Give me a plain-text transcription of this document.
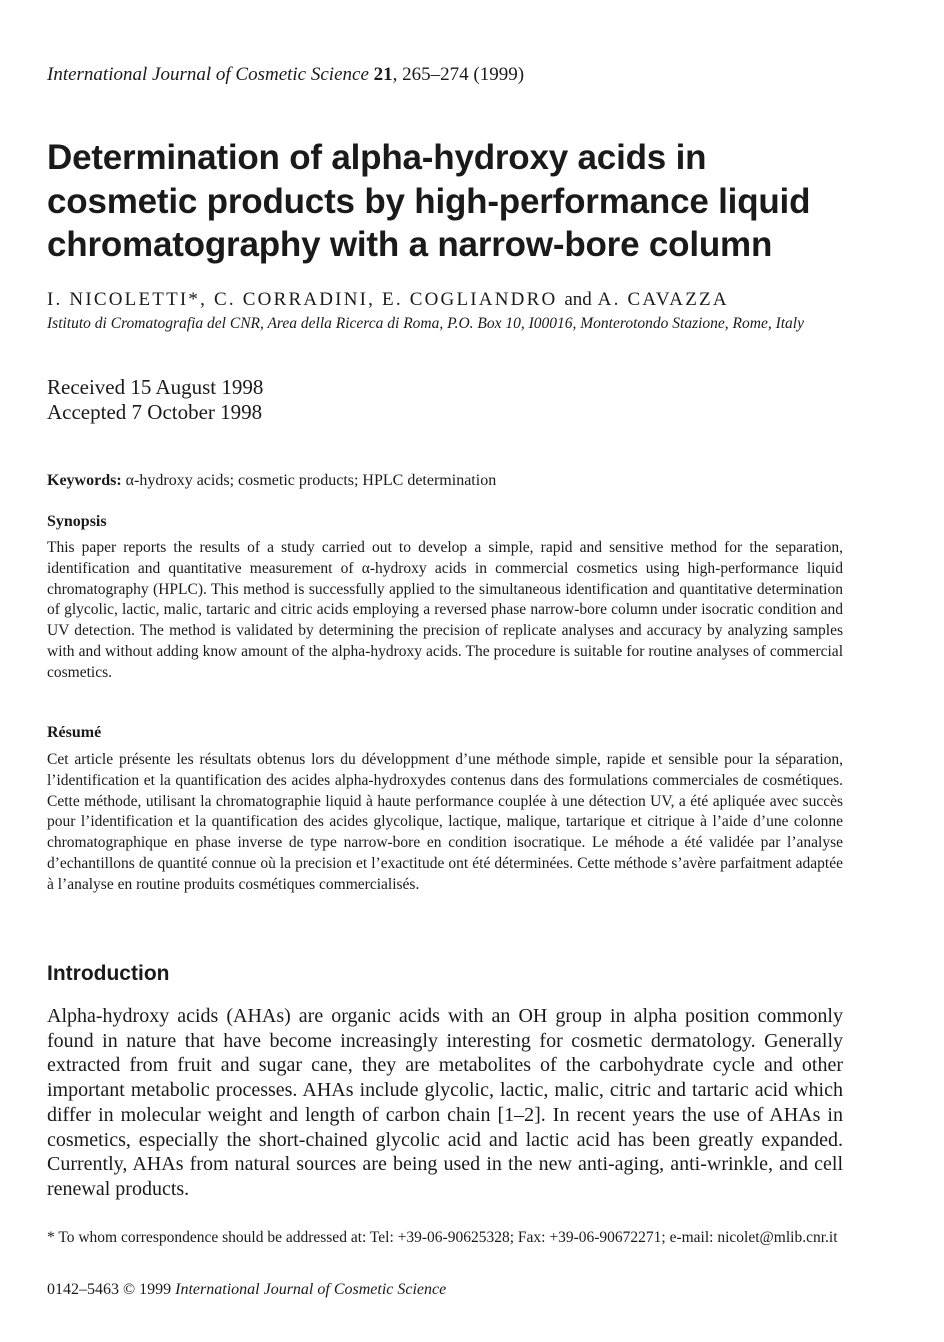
International Journal of Cosmetic Science 21, 265–274 (1999)
Determination of alpha-hydroxy acids in
cosmetic products by high-performance liquid
chromatography with a narrow-bore column
I. NICOLETTI*, C. CORRADINI, E. COGLIANDRO and A. CAVAZZA
Istituto di Cromatografia del CNR, Area della Ricerca di Roma, P.O. Box 10, I00016, Monterotondo Stazione, Rome, Italy
Received 15 August 1998
Accepted 7 October 1998
Keywords: α-hydroxy acids; cosmetic products; HPLC determination
Synopsis

This paper reports the results of a study carried out to develop a simple, rapid and sensitive method for the separation, identification and quantitative measurement of α-hydroxy acids in commercial cosmetics using high-performance liquid chromatography (HPLC). This method is successfully applied to the simultaneous identification and quantitative determination of glycolic, lactic, malic, tartaric and citric acids employing a reversed phase narrow-bore column under isocratic condition and UV detection. The method is validated by determining the precision of replicate analyses and accuracy by analyzing samples with and without adding know amount of the alpha-hydroxy acids. The procedure is suitable for routine analyses of commercial cosmetics.

Résumé

Cet article présente les résultats obtenus lors du développment d’une méthode simple, rapide et sensible pour la séparation, l’identification et la quantification des acides alpha-hydroxydes contenus dans des formulations commerciales de cosmétiques. Cette méthode, utilisant la chromatographie liquid à haute performance couplée à une détection UV, a été apliquée avec succès pour l’identification et la quantification des acides glycolique, lactique, malique, tartarique et citrique à l’aide d’une colonne chromatographique en phase inverse de type narrow-bore en condition isocratique. Le méhode a été validée par l’analyse d’echantillons de quantité connue où la precision et l’exactitude ont été déterminées. Cette méthode s’avère parfaitment adaptée à l’analyse en routine produits cosmétiques commercialisés.

Introduction

Alpha-hydroxy acids (AHAs) are organic acids with an OH group in alpha position commonly found in nature that have become increasingly interesting for cosmetic dermatology. Generally extracted from fruit and sugar cane, they are metabolites of the carbohydrate cycle and other important metabolic processes. AHAs include glycolic, lactic, malic, citric and tartaric acid which differ in molecular weight and length of carbon chain [1–2]. In recent years the use of AHAs in cosmetics, especially the short-chained glycolic acid and lactic acid has been greatly expanded. Currently, AHAs from natural sources are being used in the new anti-aging, anti-wrinkle, and cell renewal products.

* To whom correspondence should be addressed at: Tel: +39-06-90625328; Fax: +39-06-90672271; e-mail: nicolet@mlib.cnr.it

0142–5463 © 1999 International Journal of Cosmetic Science
